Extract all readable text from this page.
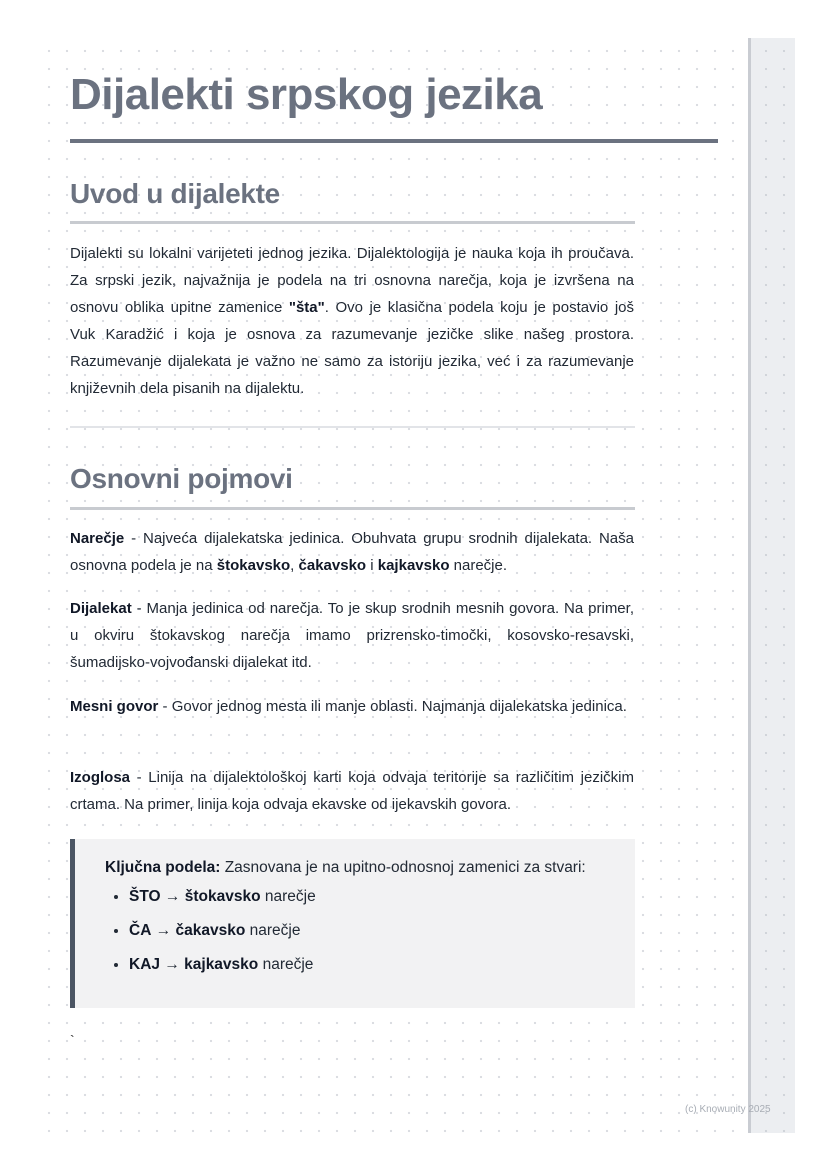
Dijalekti srpskog jezika
Uvod u dijalekte

Dijalekti su lokalni varijeteti jednog jezika. Dijalektologija je nauka koja ih proučava. Za srpski jezik, najvažnija je podela na tri osnovna narečja, koja je izvršena na osnovu oblika upitne zamenice "šta". Ovo je klasična podela koju je postavio još Vuk Karadžić i koja je osnova za razumevanje jezičke slike našeg prostora. Razumevanje dijalekata je važno ne samo za istoriju jezika, već i za razumevanje književnih dela pisanih na dijalektu.

Osnovni pojmovi

Narečje - Najveća dijalekatska jedinica. Obuhvata grupu srodnih dijalekata. Naša osnovna podela je na štokavsko, čakavsko i kajkavsko narečje.

Dijalekat - Manja jedinica od narečja. To je skup srodnih mesnih govora. Na primer, u okviru štokavskog narečja imamo prizrensko-timočki, kosovsko-resavski, šumadijsko-vojvođanski dijalekat itd.

Mesni govor - Govor jednog mesta ili manje oblasti. Najmanja dijalekatska jedinica.

Izoglosa - Linija na dijalektološkoj karti koja odvaja teritorije sa različitim jezičkim crtama. Na primer, linija koja odvaja ekavske od ijekavskih govora.

Ključna podela: Zasnovana je na upitno-odnosnoj zamenici za stvari:

• ŠTO → štokavsko narečje
• ČA → čakavsko narečje
• KAJ → kajkavsko narečje
`
(c) Knowunity 2025
